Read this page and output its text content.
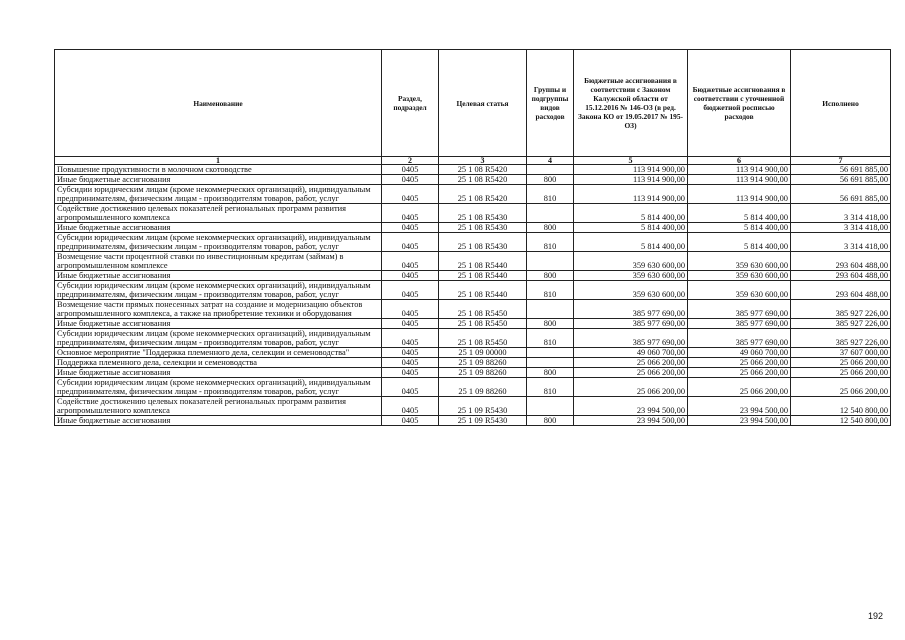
Наименование	Раздел, подраздел	Целевая статья	Группы и подгруппы видов расходов	Бюджетные ассигнования в соответствии с Законом Калужской области от 15.12.2016 № 146-ОЗ (в ред. Закона КО от 19.05.2017 № 195-ОЗ)	Бюджетные ассигнования в соответствии с уточненной бюджетной росписью расходов	Исполнено
1	2	3	4	5	6	7
Повышение продуктивности в молочном скотоводстве	0405	25 1 08 R5420		113 914 900,00	113 914 900,00	56 691 885,00
Иные бюджетные ассигнования	0405	25 1 08 R5420	800	113 914 900,00	113 914 900,00	56 691 885,00
Субсидии юридическим лицам (кроме некоммерческих организаций), индивидуальным предпринимателям, физическим лицам - производителям товаров, работ, услуг	0405	25 1 08 R5420	810	113 914 900,00	113 914 900,00	56 691 885,00
Содействие достижению целевых показателей региональных программ развития агропромышленного комплекса	0405	25 1 08 R5430		5 814 400,00	5 814 400,00	3 314 418,00
Иные бюджетные ассигнования	0405	25 1 08 R5430	800	5 814 400,00	5 814 400,00	3 314 418,00
Субсидии юридическим лицам (кроме некоммерческих организаций), индивидуальным предпринимателям, физическим лицам - производителям товаров, работ, услуг	0405	25 1 08 R5430	810	5 814 400,00	5 814 400,00	3 314 418,00
Возмещение части процентной ставки по инвестиционным кредитам (займам) в агропромышленном комплексе	0405	25 1 08 R5440		359 630 600,00	359 630 600,00	293 604 488,00
Иные бюджетные ассигнования	0405	25 1 08 R5440	800	359 630 600,00	359 630 600,00	293 604 488,00
Субсидии юридическим лицам (кроме некоммерческих организаций), индивидуальным предпринимателям, физическим лицам - производителям товаров, работ, услуг	0405	25 1 08 R5440	810	359 630 600,00	359 630 600,00	293 604 488,00
Возмещение части прямых понесенных затрат на создание и модернизацию объектов агропромышленного комплекса, а также на приобретение техники и оборудования	0405	25 1 08 R5450		385 977 690,00	385 977 690,00	385 927 226,00
Иные бюджетные ассигнования	0405	25 1 08 R5450	800	385 977 690,00	385 977 690,00	385 927 226,00
Субсидии юридическим лицам (кроме некоммерческих организаций), индивидуальным предпринимателям, физическим лицам - производителям товаров, работ, услуг	0405	25 1 08 R5450	810	385 977 690,00	385 977 690,00	385 927 226,00
Основное мероприятие "Поддержка племенного дела, селекции и семеноводства"	0405	25 1 09 00000		49 060 700,00	49 060 700,00	37 607 000,00
Поддержка племенного дела, селекции и семеноводства	0405	25 1 09 88260		25 066 200,00	25 066 200,00	25 066 200,00
Иные бюджетные ассигнования	0405	25 1 09 88260	800	25 066 200,00	25 066 200,00	25 066 200,00
Субсидии юридическим лицам (кроме некоммерческих организаций), индивидуальным предпринимателям, физическим лицам - производителям товаров, работ, услуг	0405	25 1 09 88260	810	25 066 200,00	25 066 200,00	25 066 200,00
Содействие достижению целевых показателей региональных программ развития агропромышленного комплекса	0405	25 1 09 R5430		23 994 500,00	23 994 500,00	12 540 800,00
Иные бюджетные ассигнования	0405	25 1 09 R5430	800	23 994 500,00	23 994 500,00	12 540 800,00
192
